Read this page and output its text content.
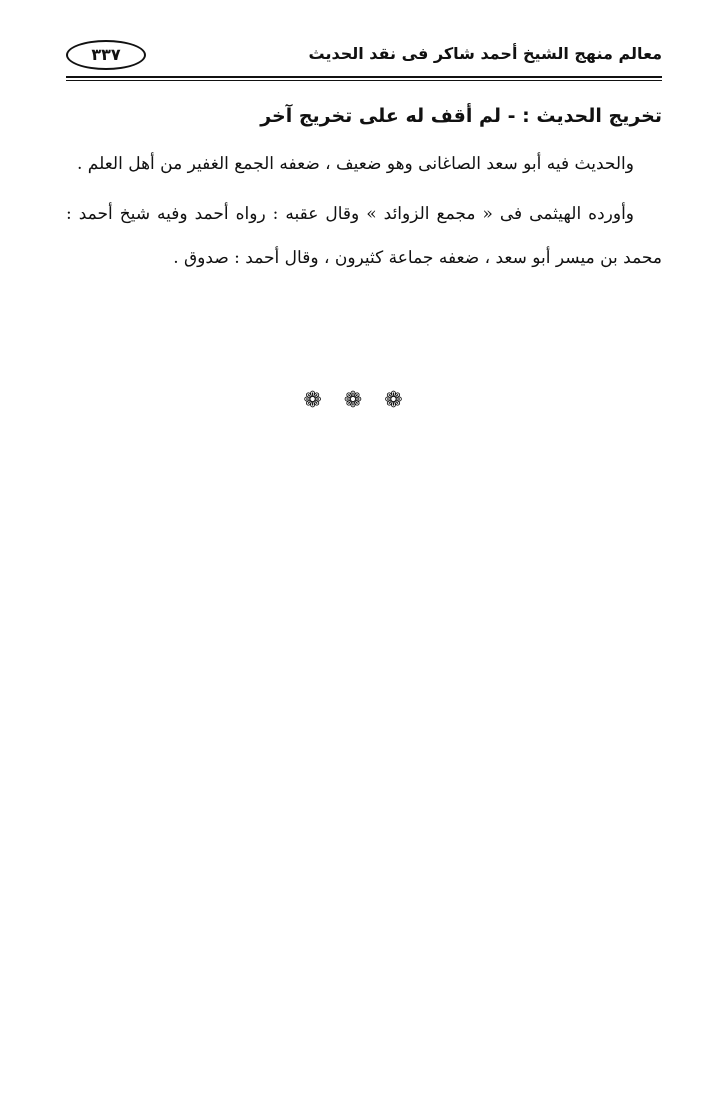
٣٣٧	معالم منهج الشيخ أحمد شاكر فى نقد الحديث
تخريج الحديث : - لم أقف له على تخريج آخر

والحديث فيه أبو سعد الصاغانى وهو ضعيف ، ضعفه الجمع الغفير من أهل العلم .

وأورده الهيثمى فى « مجمع الزوائد » وقال عقبه : رواه أحمد وفيه شيخ أحمد : محمد بن ميسر أبو سعد ، ضعفه جماعة كثيرون ، وقال أحمد : صدوق .

❁❁❁
